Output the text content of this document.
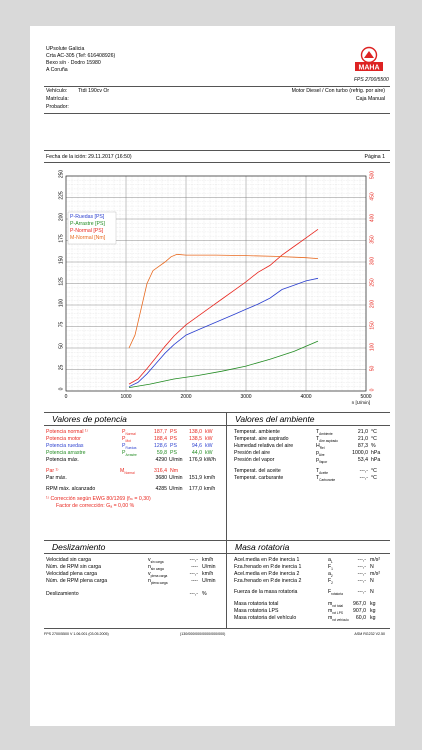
UPsolute Galicia
Crta AC-305 (Tef: 616408926)
Bexo s/n · Dodro 15980
A Coruña	MAHA
FPS 2700/5500
Vehículo: Ttdi 190cv Or
Matrícula:
Probador:
Motor Diesel / Con turbo (refrig. por aire)
Caja Manual
Fecha de la ición: 29.11.2017 (16:50)	Página 1
0	1000	2000	3000	4000	5000
0
25
50
75
100
125
150
175
200
225
250
0
50
100
150
200
250
300
350
400
450
500
n [U/min]
P-Ruedas [PS]
P-Arrastre [PS]
P-Normal [PS]
M-Normal [Nm]
Valores de potencia	Valores del ambiente
Potencia normal ¹⁾	$P_{Normal}$	187,7 PS 138,0 kW
Potencia motor	$P_{Mot}$	188,4 PS 138,5 kW
Potencia ruedas	$P_{Ruedas}$	128,6 PS	94,6 kW
Potencia arrastre	$P_{Arrastre}$	59,8 PS	44,0 kW
Potencia máx.	4290 U/min 176,9 kW/h
Par ¹⁾	$M_{Normal}$	316,4 Nm
Par máx.	3680 U/min 151,9 km/h
RPM máx. alcanzado	4285 U/min 177,0 km/h
¹⁾ Corrección según EWG 80/1269 (fₘ = 0,30)
Factor de corrección: Gₐ = 0,00 %
Temperat. ambiente	$T_{Ambiente}$	21,0 °C
Temperat. aire aspirado	$T_{Aire aspirado}$	21,0 °C
Humedad relativa del aire	$H_{Rel}$	87,3 %
Presión del aire	$p_{Aire}$	1000,0 hPa
Presión del vapor	$p_{Vapor}$	53,4 hPa
Temperat. del aceite	$T_{Aceite}$	---,- °C
Temperat. carburante	$T_{Carburante}$	---,- °C
Deslizamiento	Masa rotatoria
Velocidad sin carga	$v_{sin carga}$	---,- km/h
Núm. de RPM sin carga	$n_{sin carga}$	---- U/min
Velocidad plena carga	$v_{plena carga}$	---,- km/h
Núm. de RPM plena carga	$n_{plena carga}$	---- U/min
Deslizamiento	---,- %
Acel.media en P.de inercia 1	$a_1$	---,- m/s²
Fza.frenado en P.de inercia 1	$F_1$	---,- N
Acel.media en P.de inercia 2	$a_2$	---,- m/s²
Fza.frenado en P.de inercia 2	$F_2$	---,- N
Fuerza de la masa rotatoria	$F_{rotatoria}$	---,- N
Masa rotatoria total	$m_{rot total}$ 967,0 kg
Masa rotatoria LPS	$m_{rot LPS}$ 907,0 kg
Masa rotatoria del vehículo	$m_{rot vehículo}$ 60,0 kg
FPS 2700/5500 V 1.06.001 (03.05.2005)	(130/000/000/0000/000/000)	ASM RG232 V2.50
